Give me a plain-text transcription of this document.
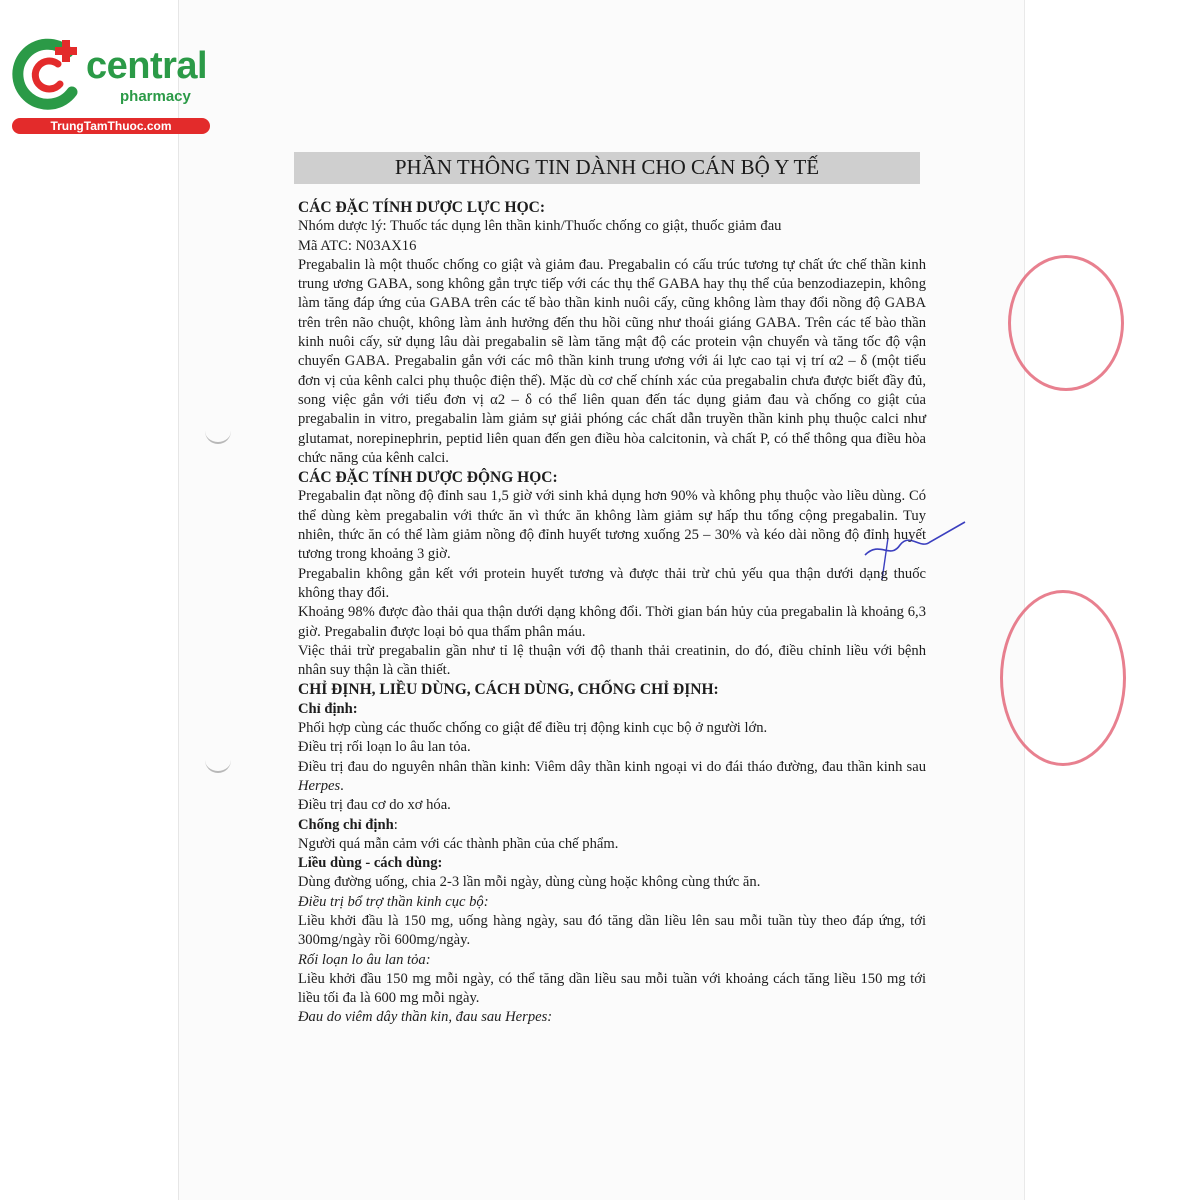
central
pharmacy
TrungTamThuoc.com
PHẦN THÔNG TIN DÀNH CHO CÁN BỘ Y TẾ

CÁC ĐẶC TÍNH DƯỢC LỰC HỌC:

Nhóm dược lý: Thuốc tác dụng lên thần kinh/Thuốc chống co giật, thuốc giảm đau

Mã ATC: N03AX16

Pregabalin là một thuốc chống co giật và giảm đau. Pregabalin có cấu trúc tương tự chất ức chế thần kinh trung ương GABA, song không gắn trực tiếp với các thụ thể GABA hay thụ thể của benzodiazepin, không làm tăng đáp ứng của GABA trên các tế bào thần kinh nuôi cấy, cũng không làm thay đổi nồng độ GABA trên trên não chuột, không làm ảnh hưởng đến thu hồi cũng như thoái giáng GABA. Trên các tế bào thần kinh nuôi cấy, sử dụng lâu dài pregabalin sẽ làm tăng mật độ các protein vận chuyển và tăng tốc độ vận chuyển GABA. Pregabalin gắn với các mô thần kinh trung ương với ái lực cao tại vị trí α2 – δ (một tiểu đơn vị của kênh calci phụ thuộc điện thế). Mặc dù cơ chế chính xác của pregabalin chưa được biết đầy đủ, song việc gắn với tiểu đơn vị α2 – δ có thể liên quan đến tác dụng giảm đau và chống co giật của pregabalin in vitro, pregabalin làm giảm sự giải phóng các chất dẫn truyền thần kinh phụ thuộc calci như glutamat, norepinephrin, peptid liên quan đến gen điều hòa calcitonin, và chất P, có thể thông qua điều hòa chức năng của kênh calci.

CÁC ĐẶC TÍNH DƯỢC ĐỘNG HỌC:

Pregabalin đạt nồng độ đỉnh sau 1,5 giờ với sinh khả dụng hơn 90% và không phụ thuộc vào liều dùng. Có thể dùng kèm pregabalin với thức ăn vì thức ăn không làm giảm sự hấp thu tổng cộng pregabalin. Tuy nhiên, thức ăn có thể làm giảm nồng độ đỉnh huyết tương xuống 25 – 30% và kéo dài nồng độ đỉnh huyết tương trong khoảng 3 giờ.

Pregabalin không gắn kết với protein huyết tương và được thải trừ chủ yếu qua thận dưới dạng thuốc không thay đổi.

Khoảng 98% được đào thải qua thận dưới dạng không đổi. Thời gian bán hủy của pregabalin là khoảng 6,3 giờ. Pregabalin được loại bỏ qua thẩm phân máu.

Việc thải trừ pregabalin gần như tỉ lệ thuận với độ thanh thải creatinin, do đó, điều chỉnh liều với bệnh nhân suy thận là cần thiết.

CHỈ ĐỊNH, LIỀU DÙNG, CÁCH DÙNG, CHỐNG CHỈ ĐỊNH:

Chỉ định:

Phối hợp cùng các thuốc chống co giật để điều trị động kinh cục bộ ở người lớn.

Điều trị rối loạn lo âu lan tỏa.

Điều trị đau do nguyên nhân thần kinh: Viêm dây thần kinh ngoại vi do đái tháo đường, đau thần kinh sau Herpes.

Điều trị đau cơ do xơ hóa.

Chống chỉ định:

Người quá mẫn cảm với các thành phần của chế phẩm.

Liều dùng - cách dùng:

Dùng đường uống, chia 2-3 lần mỗi ngày, dùng cùng hoặc không cùng thức ăn.

Điều trị bổ trợ thần kinh cục bộ:

Liều khởi đầu là 150 mg, uống hàng ngày, sau đó tăng dần liều lên sau mỗi tuần tùy theo đáp ứng, tới 300mg/ngày rồi 600mg/ngày.

Rối loạn lo âu lan tỏa:

Liều khởi đầu 150 mg mỗi ngày, có thể tăng dần liều sau mỗi tuần với khoảng cách tăng liều 150 mg tới liều tối đa là 600 mg mỗi ngày.

Đau do viêm dây thần kin, đau sau Herpes:
